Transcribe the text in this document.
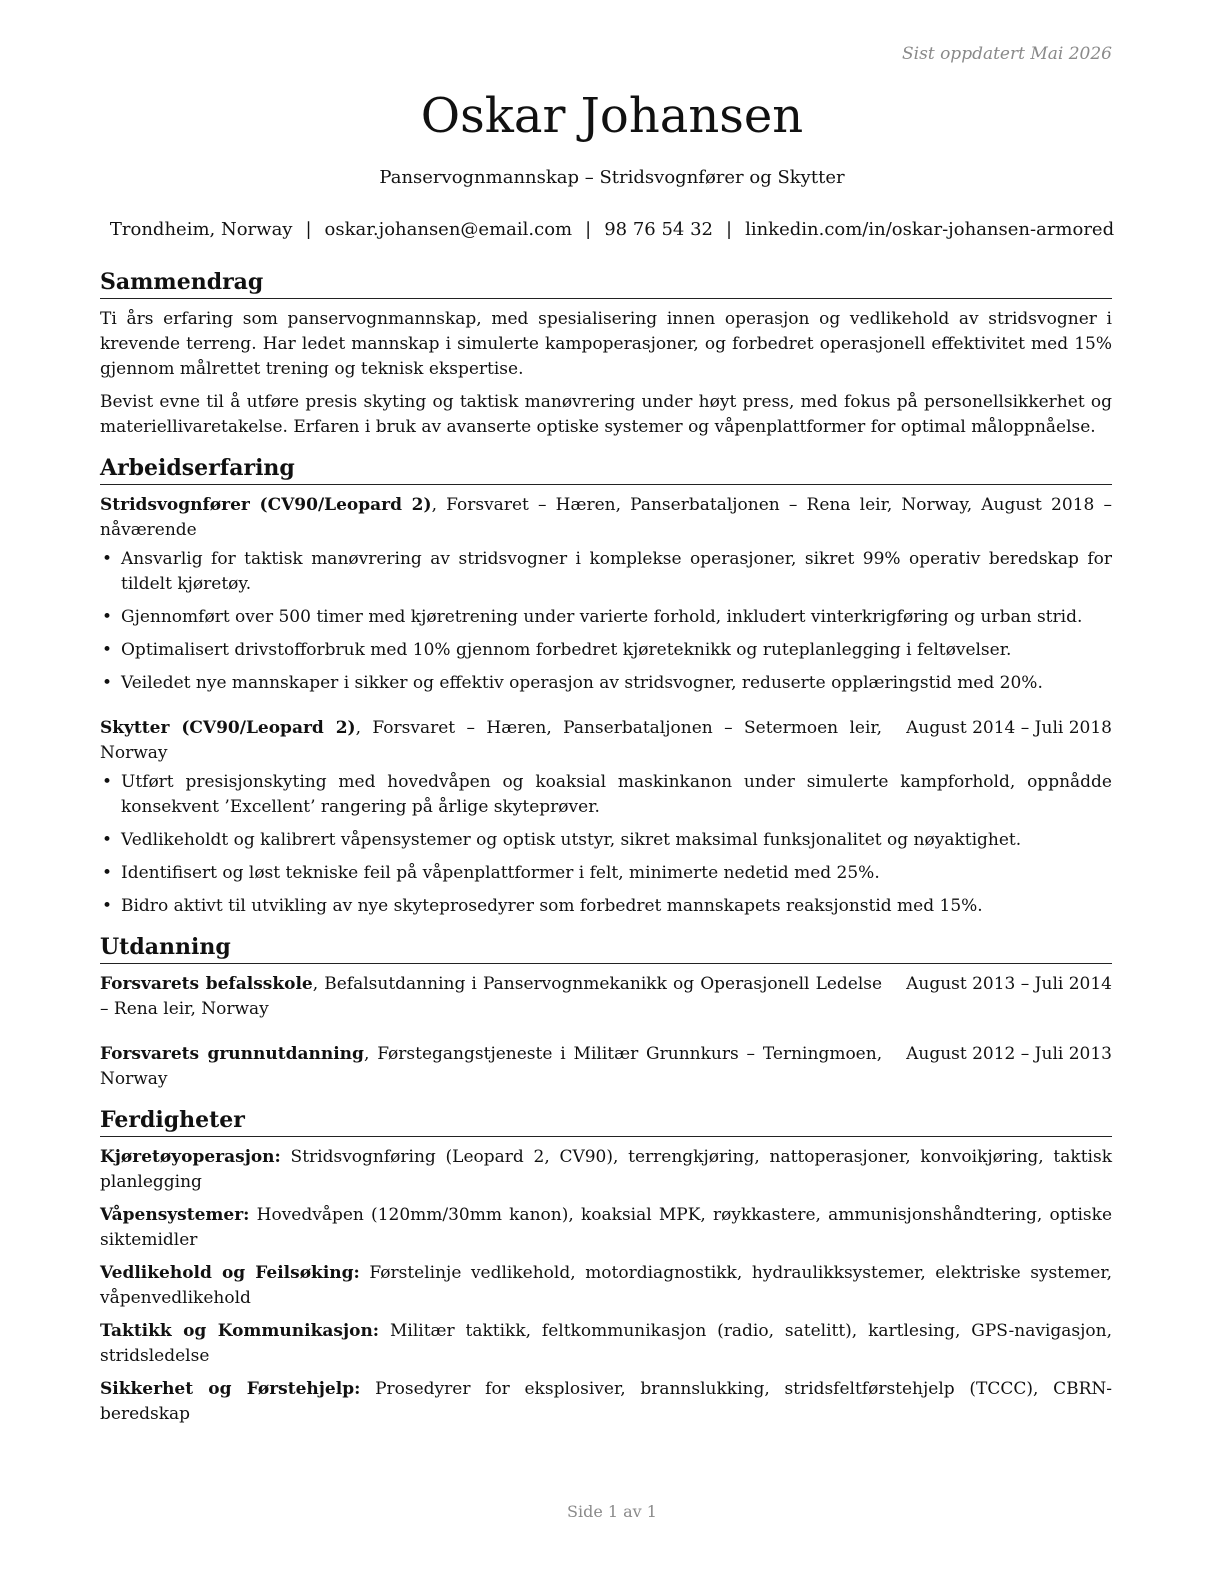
Sist oppdatert Mai 2026
Oskar Johansen
Panservognmannskap – Stridsvognfører og Skytter
Trondheim, Norway | oskar.johansen@email.com | 98 76 54 32 | linkedin.com/in/oskar-johansen-armored
Sammendrag

Ti års erfaring som panservognmannskap, med spesialisering innen operasjon og vedlikehold av stridsvogner i krevende terreng. Har ledet mannskap i simulerte kampoperasjoner, og forbedret operasjonell effektivitet med 15% gjennom målrettet trening og teknisk ekspertise.

Bevist evne til å utføre presis skyting og taktisk manøvrering under høyt press, med fokus på personellsikkerhet og materiellivaretakelse. Erfaren i bruk av avanserte optiske systemer og våpenplattformer for optimal måloppnåelse.

Arbeidserfaring

Stridsvognfører (CV90/Leopard 2), Forsvaret – Hæren, Panserbataljonen – Rena leir, Norway, August 2018 – nåværende

• Ansvarlig for taktisk manøvrering av stridsvogner i komplekse operasjoner, sikret 99% operativ beredskap for tildelt kjøretøy.
• Gjennomført over 500 timer med kjøretrening under varierte forhold, inkludert vinterkrigføring og urban strid.
• Optimalisert drivstofforbruk med 10% gjennom forbedret kjøreteknikk og ruteplanlegging i feltøvelser.
• Veiledet nye mannskaper i sikker og effektiv operasjon av stridsvogner, reduserte opplæringstid med 20%.
Skytter (CV90/Leopard 2), Forsvaret – Hæren, Panserbataljonen – Setermoen leir, Norway
August 2014 – Juli 2018
• Utført presisjonskyting med hovedvåpen og koaksial maskinkanon under simulerte kampforhold, oppnådde konsekvent ’Excellent’ rangering på årlige skyteprøver.
• Vedlikeholdt og kalibrert våpensystemer og optisk utstyr, sikret maksimal funksjonalitet og nøyaktighet.
• Identifisert og løst tekniske feil på våpenplattformer i felt, minimerte nedetid med 25%.
• Bidro aktivt til utvikling av nye skyteprosedyrer som forbedret mannskapets reaksjonstid med 15%.
Utdanning
Forsvarets befalsskole, Befalsutdanning i Panservognmekanikk og Operasjonell Ledelse – Rena leir, Norway
August 2013 – Juli 2014
Forsvarets grunnutdanning, Førstegangstjeneste i Militær Grunnkurs – Terningmoen, Norway
August 2012 – Juli 2013
Ferdigheter

Kjøretøyoperasjon: Stridsvognføring (Leopard 2, CV90), terrengkjøring, nattoperasjoner, konvoikjøring, taktisk planlegging

Våpensystemer: Hovedvåpen (120mm/30mm kanon), koaksial MPK, røykkastere, ammunisjonshåndtering, optiske siktemidler

Vedlikehold og Feilsøking: Førstelinje vedlikehold, motordiagnostikk, hydraulikksystemer, elektriske systemer, våpenvedlikehold

Taktikk og Kommunikasjon: Militær taktikk, feltkommunikasjon (radio, satelitt), kartlesing, GPS-navigasjon, stridsledelse

Sikkerhet og Førstehjelp: Prosedyrer for eksplosiver, brannslukking, stridsfeltførstehjelp (TCCC), CBRN-beredskap

Side 1 av 1
